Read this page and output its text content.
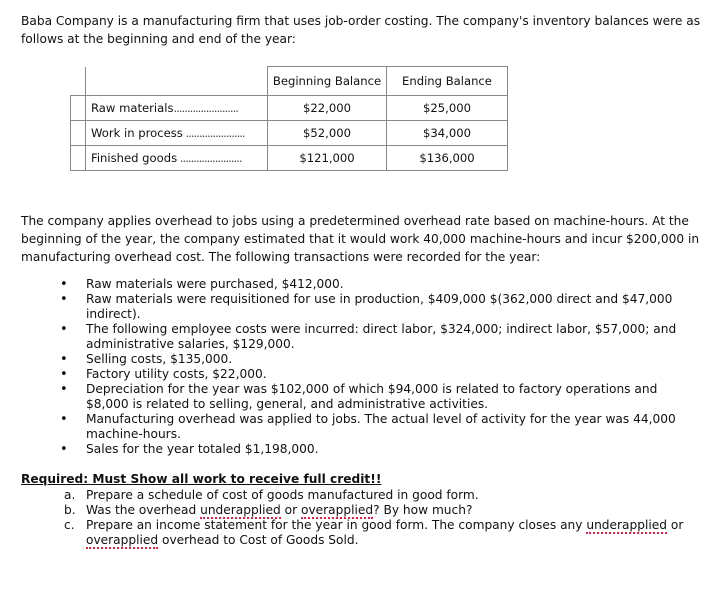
Baba Company is a manufacturing firm that uses job-order costing. The company's inventory balances were as follows at the beginning and end of the year:

		Beginning Balance	Ending Balance
	Raw materials........................	$22,000	$25,000
	Work in process ......................	$52,000	$34,000
	Finished goods .......................	$121,000	$136,000

The company applies overhead to jobs using a predetermined overhead rate based on machine-hours. At the beginning of the year, the company estimated that it would work 40,000 machine-hours and incur $200,000 in manufacturing overhead cost. The following transactions were recorded for the year:

• Raw materials were purchased, $412,000.
• Raw materials were requisitioned for use in production, $409,000 $(362,000 direct and $47,000 indirect).
• The following employee costs were incurred: direct labor, $324,000; indirect labor, $57,000; and administrative salaries, $129,000.
• Selling costs, $135,000.
• Factory utility costs, $22,000.
• Depreciation for the year was $102,000 of which $94,000 is related to factory operations and $8,000 is related to selling, general, and administrative activities.
• Manufacturing overhead was applied to jobs. The actual level of activity for the year was 44,000 machine-hours.
• Sales for the year totaled $1,198,000.

Required: Must Show all work to receive full credit!!

a. Prepare a schedule of cost of goods manufactured in good form.
b. Was the overhead underapplied or overapplied? By how much?
c. Prepare an income statement for the year in good form. The company closes any underapplied or overapplied overhead to Cost of Goods Sold.
